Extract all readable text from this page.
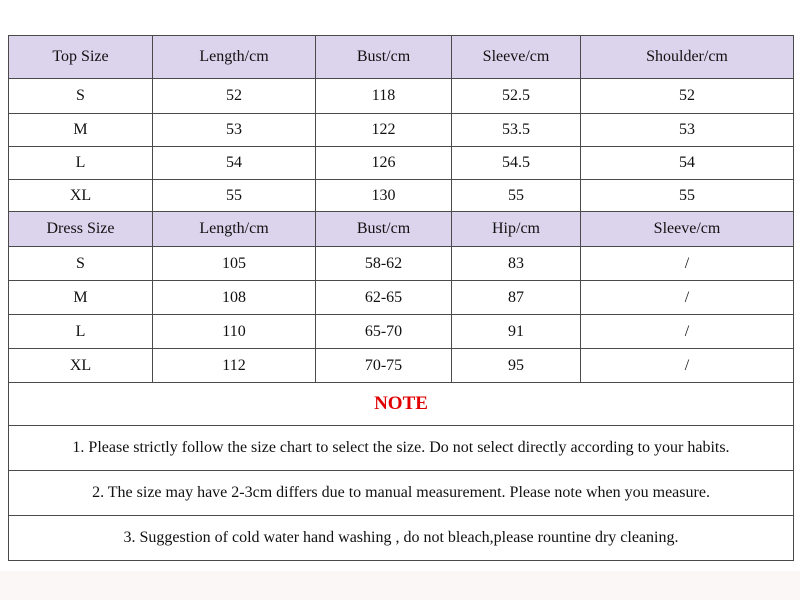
Top Size	Length/cm	Bust/cm	Sleeve/cm	Shoulder/cm
S	52	118	52.5	52
M	53	122	53.5	53
L	54	126	54.5	54
XL	55	130	55	55
Dress Size	Length/cm	Bust/cm	Hip/cm	Sleeve/cm
S	105	58-62	83	/
M	108	62-65	87	/
L	110	65-70	91	/
XL	112	70-75	95	/
NOTE				
1. Please strictly follow the size chart to select the size. Do not select directly according to your habits.				
2. The size may have 2-3cm differs due to manual measurement. Please note when you measure.				
3. Suggestion of cold water hand washing , do not bleach,please rountine dry cleaning.				
